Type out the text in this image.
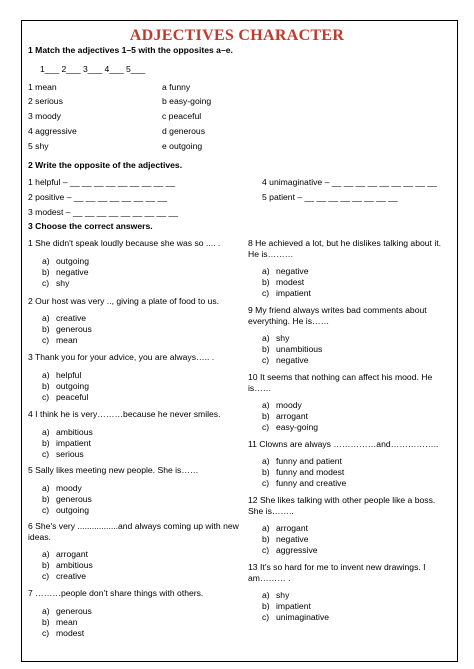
ADJECTIVES CHARACTER
1 Match the adjectives 1–5 with the opposites a–e.
1___ 2___ 3___ 4___ 5___
1 mean
2 serious
3 moody
4 aggressive
5 shy
a funny
b easy-going
c peaceful
d generous
e outgoing
2 Write the opposite of the adjectives.
1 helpful – __ __ __ __ __ __ __ __ __
2 positive – __ __ __ __ __ __ __ __
3 modest – __ __ __ __ __ __ __ __ __
4 unimaginative – __ __ __ __ __ __ __ __ __
5 patient – __ __ __ __ __ __ __ __
3 Choose the correct answers.
1 She didn't speak loudly because she was so .... .
a) outgoing
b) negative
c) shy
2 Our host was very .., giving a plate of food to us.
a) creative
b) generous
c) mean
3 Thank you for your advice, you are always….. .
a) helpful
b) outgoing
c) peaceful
4 I think he is very………because he never smiles.
a) ambitious
b) impatient
c) serious
5 Sally likes meeting new people. She is……
a) moody
b) generous
c) outgoing
6 She's very .................and always coming up with new ideas.
a) arrogant
b) ambitious
c) creative
7 ………people don’t share things with others.
a) generous
b) mean
c) modest
8 He achieved a lot, but he dislikes talking about it. He is………
a) negative
b) modest
c) impatient
9 My friend always writes bad comments about everything. He is……
a) shy
b) unambitious
c) negative
10 It seems that nothing can affect his mood. He is……
a) moody
b) arrogant
c) easy-going
11 Clowns are always ……………and……………..
a) funny and patient
b) funny and modest
c) funny and creative
12 She likes talking with other people like a boss. She is……..
a) arrogant
b) negative
c) aggressive
13 It’s so hard for me to invent new drawings. I am……… .
a) shy
b) impatient
c) unimaginative
